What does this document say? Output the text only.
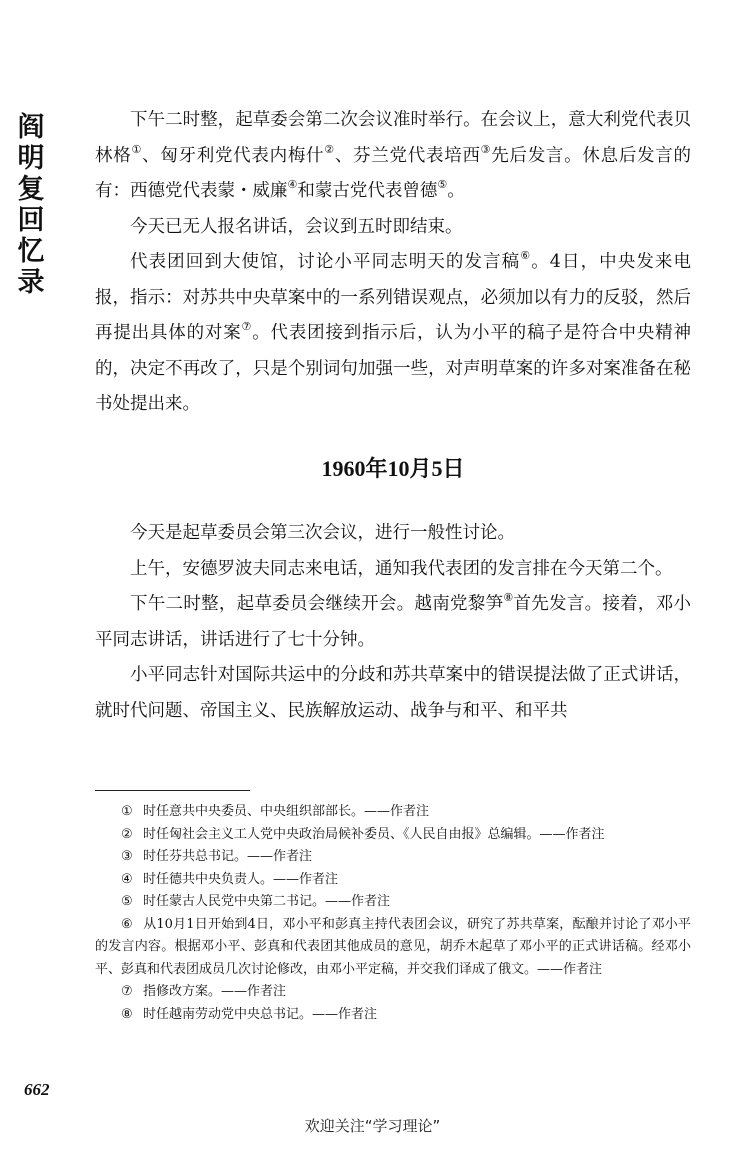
阎明复回忆录

下午二时整，起草委会第二次会议准时举行。在会议上，意大利党代表贝林格①、匈牙利党代表内梅什②、芬兰党代表培西③先后发言。休息后发言的有：西德党代表蒙・威廉④和蒙古党代表曾德⑤。

今天已无人报名讲话，会议到五时即结束。

代表团回到大使馆，讨论小平同志明天的发言稿⑥。4日，中央发来电报，指示：对苏共中央草案中的一系列错误观点，必须加以有力的反驳，然后再提出具体的对案⑦。代表团接到指示后，认为小平的稿子是符合中央精神的，决定不再改了，只是个别词句加强一些，对声明草案的许多对案准备在秘书处提出来。

1960年10月5日

今天是起草委员会第三次会议，进行一般性讨论。

上午，安德罗波夫同志来电话，通知我代表团的发言排在今天第二个。

下午二时整，起草委员会继续开会。越南党黎笋⑧首先发言。接着，邓小平同志讲话，讲话进行了七十分钟。

小平同志针对国际共运中的分歧和苏共草案中的错误提法做了正式讲话，就时代问题、帝国主义、民族解放运动、战争与和平、和平共

① 时任意共中央委员、中央组织部部长。——作者注

② 时任匈社会主义工人党中央政治局候补委员、《人民自由报》总编辑。——作者注

③ 时任芬共总书记。——作者注

④ 时任德共中央负责人。——作者注

⑤ 时任蒙古人民党中央第二书记。——作者注

⑥ 从10月1日开始到4日，邓小平和彭真主持代表团会议，研究了苏共草案，酝酿并讨论了邓小平的发言内容。根据邓小平、彭真和代表团其他成员的意见，胡乔木起草了邓小平的正式讲话稿。经邓小平、彭真和代表团成员几次讨论修改，由邓小平定稿，并交我们译成了俄文。——作者注

⑦ 指修改方案。——作者注

⑧ 时任越南劳动党中央总书记。——作者注

662
欢迎关注“学习理论”
